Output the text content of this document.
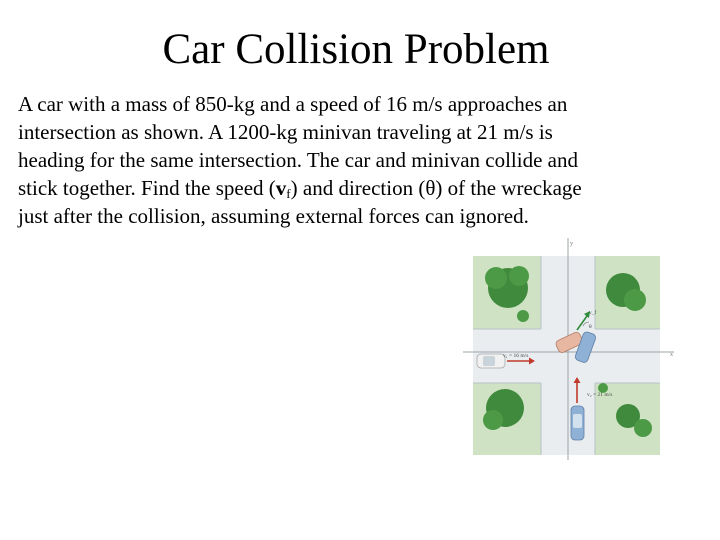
Car Collision Problem
A car with a mass of 850-kg and a speed of 16 m/s approaches an
intersection as shown. A 1200-kg minivan traveling at 21 m/s is
heading for the same intersection. The car and minivan collide and
stick together. Find the speed $(v_f)$ and direction (θ) of the wreckage
just after the collision, assuming external forces can ignored.
y
x
v₁ = 16 m/s
v₂ = 21 m/s
v_f
θ
